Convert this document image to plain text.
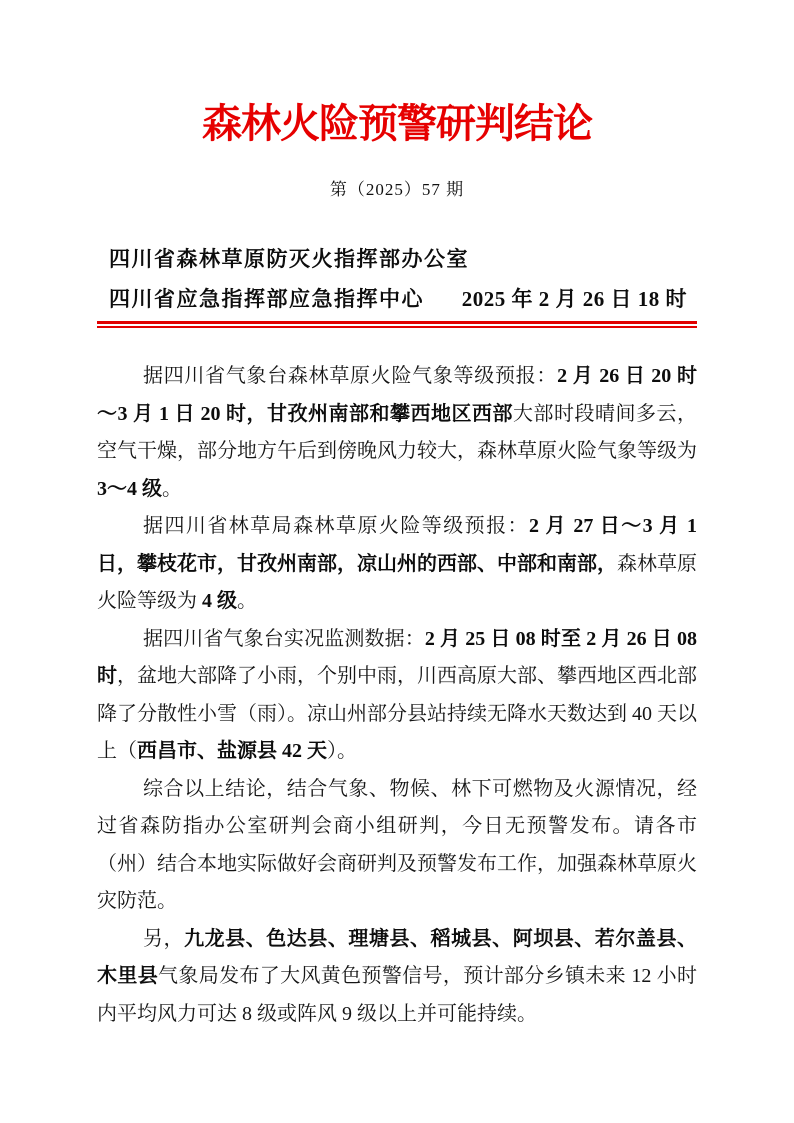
森林火险预警研判结论
第（2025）57 期
四川省森林草原防灭火指挥部办公室
四川省应急指挥部应急指挥中心 2025 年 2 月 26 日 18 时

据四川省气象台森林草原火险气象等级预报：2 月 26 日 20 时～3 月 1 日 20 时，甘孜州南部和攀西地区西部大部时段晴间多云，空气干燥，部分地方午后到傍晚风力较大，森林草原火险气象等级为 3～4 级。

据四川省林草局森林草原火险等级预报：2 月 27 日～3 月 1 日，攀枝花市，甘孜州南部，凉山州的西部、中部和南部，森林草原火险等级为 4 级。

据四川省气象台实况监测数据：2 月 25 日 08 时至 2 月 26 日 08 时，盆地大部降了小雨，个别中雨，川西高原大部、攀西地区西北部降了分散性小雪（雨）。凉山州部分县站持续无降水天数达到 40 天以上（西昌市、盐源县 42 天）。

综合以上结论，结合气象、物候、林下可燃物及火源情况，经过省森防指办公室研判会商小组研判，今日无预警发布。请各市（州）结合本地实际做好会商研判及预警发布工作，加强森林草原火灾防范。

另，九龙县、色达县、理塘县、稻城县、阿坝县、若尔盖县、木里县气象局发布了大风黄色预警信号，预计部分乡镇未来 12 小时内平均风力可达 8 级或阵风 9 级以上并可能持续。
